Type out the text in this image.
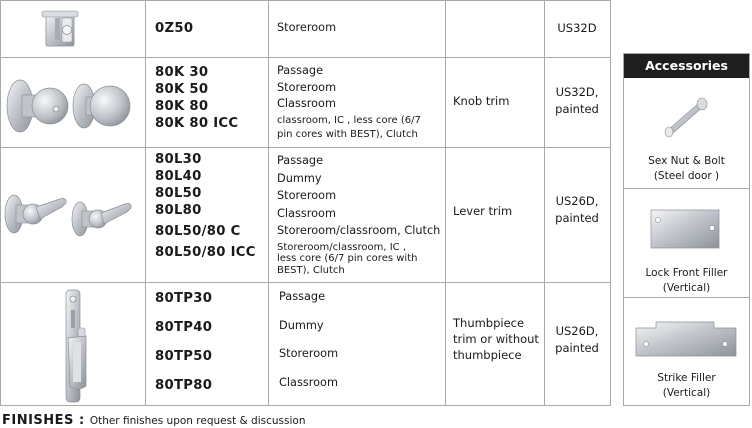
0Z50	Storeroom	US32D
80K 30
80K 50
80K 80
80K 80 ICC
Passage
Storeroom
Classroom
classroom, IC , less core (6/7
pin cores with BEST), Clutch
Knob trim
US32D,
painted
80L30
80L40
80L50
80L80
80L50/80 C
80L50/80 ICC
Passage
Dummy
Storeroom
Classroom
Storeroom/classroom, Clutch
Storeroom/classroom, IC ,
less core (6/7 pin cores with
BEST), Clutch
Lever trim
US26D,
painted
80TP30
80TP40
80TP50
80TP80
Passage
Dummy
Storeroom
Classroom
Thumbpiece
trim or without
thumbpiece
US26D,
painted
Accessories
Sex Nut & Bolt
(Steel door )
Lock Front Filler
(Vertical)
Strike Filler
(Vertical)
FINISHES : Other finishes upon request & discussion
